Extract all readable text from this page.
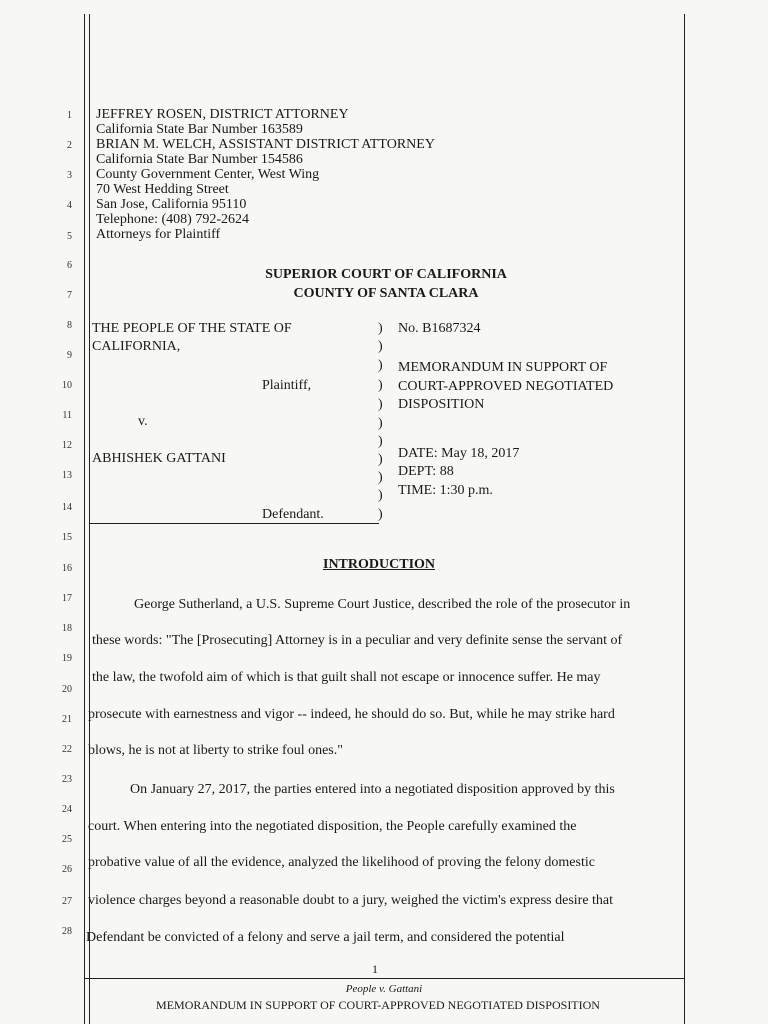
1
2
3
4
5
6
7
8
9
10
11
12
13
14
15
16
17
18
19
20
21
22
23
24
25
26
27
28
JEFFREY ROSEN, DISTRICT ATTORNEY
California State Bar Number 163589
BRIAN M. WELCH, ASSISTANT DISTRICT ATTORNEY
California State Bar Number 154586
County Government Center, West Wing
70 West Hedding Street
San Jose, California 95110
Telephone: (408) 792-2624
Attorneys for Plaintiff
SUPERIOR COURT OF CALIFORNIA
COUNTY OF SANTA CLARA
THE PEOPLE OF THE STATE OF
CALIFORNIA,
Plaintiff,
v.
ABHISHEK GATTANI
Defendant.
)
)
)
)
)
)
)
)
)
)
)
No. B1687324
MEMORANDUM IN SUPPORT OF
COURT-APPROVED NEGOTIATED
DISPOSITION
DATE: May 18, 2017
DEPT: 88
TIME: 1:30 p.m.
INTRODUCTION
George Sutherland, a U.S. Supreme Court Justice, described the role of the prosecutor in
these words: "The [Prosecuting] Attorney is in a peculiar and very definite sense the servant of
the law, the twofold aim of which is that guilt shall not escape or innocence suffer. He may
prosecute with earnestness and vigor -- indeed, he should do so. But, while he may strike hard
blows, he is not at liberty to strike foul ones."
On January 27, 2017, the parties entered into a negotiated disposition approved by this
court. When entering into the negotiated disposition, the People carefully examined the
probative value of all the evidence, analyzed the likelihood of proving the felony domestic
violence charges beyond a reasonable doubt to a jury, weighed the victim's express desire that
Defendant be convicted of a felony and serve a jail term, and considered the potential
1
People v. Gattani
MEMORANDUM IN SUPPORT OF COURT-APPROVED NEGOTIATED DISPOSITION
